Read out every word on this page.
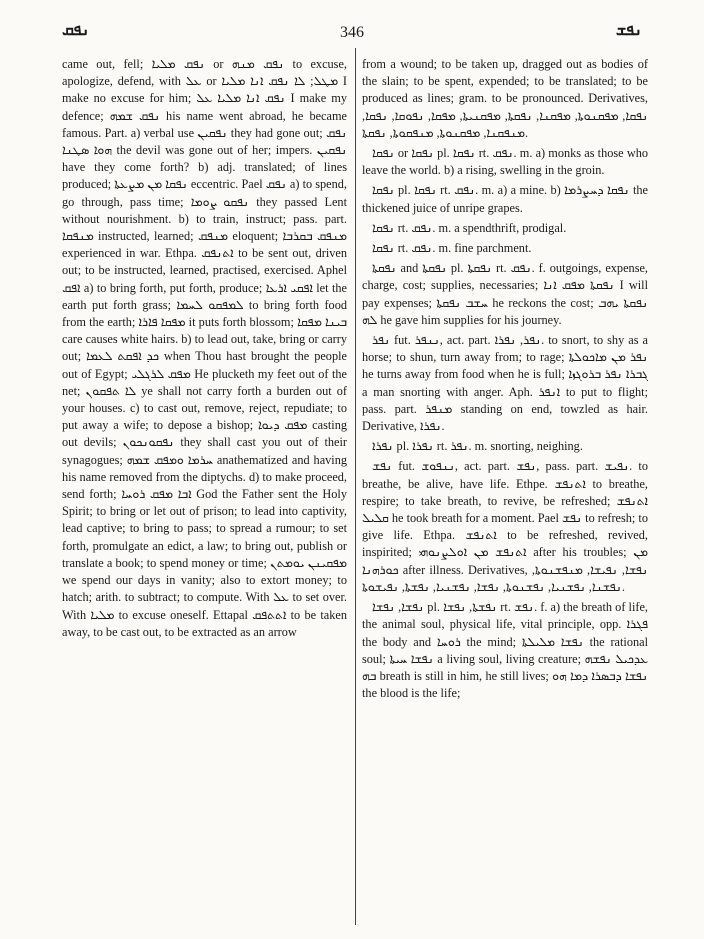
ܢܦܩ	346	ܢܦܫ

came out, fell; ܢܦܩ ܡܠܝܐ or ܢܦܩ ܡܢܗ to excuse, apologize, defend, with ܥܠ or ܡܛܠ; ܠܐ ܢܦܩ ܐܢܐ ܡܠܝܐ I make no excuse for him; ܢܦܩ ܐܢܐ ܡܠܝܐ ܥܠ I make my defence; ܢܦܩ ܫܡܗ his name went abroad, he became famous. Part. a) verbal use ܢܦܩܝܢ they had gone out; ܢܦܩ ܗܘܐ ܣܛܢܐ the devil was gone out of her; impers. ܢܦܩܝܢ have they come forth? b) adj. translated; of lines produced; ܢܦܩܐ ܡܢ ܡܨܥܬܐ eccentric. Pael ܢܦܩ a) to spend, go through, pass time; ܢܦܩܘ ܨܘܡܐ they passed Lent without nourishment. b) to train, instruct; pass. part. ܡܢܦܩܐ instructed, learned; ܡܢܦܩ eloquent; ܡܢܦܩ ܒܩܪܒܐ experienced in war. Ethpa. ܐܬܢܦܩ to be sent out, driven out; to be instructed, learned, practised, exercised. Aphel ܐܦܩ a) to bring forth, put forth, produce; ܐܦܩܝ ܐܪܥܐ let the earth put forth grass; ܠܡܦܩܘ ܠܚܡܐ to bring forth food from the earth; ܡܦܩܐ ܦܐܪܐ it puts forth blossom; ܒܝܢܐ ܡܦܩܐ care causes white hairs. b) to lead out, take, bring or carry out; ܟܕ ܐܦܩܬ ܠܥܡܐ when Thou hast brought the people out of Egypt; ܡܦܩ ܠܪܓܠܝ He plucketh my feet out of the net; ܠܐ ܬܦܩܘܢ ye shall not carry forth a burden out of your houses. c) to cast out, remove, reject, repudiate; to put away a wife; to depose a bishop; ܡܦܩ ܕܝܘܐ casting out devils; ܢܦܩܘܢܟܘܢ they shall cast you out of their synagogues; ܚܪܡܐ ܘܡܦܩ ܫܡܗ anathematized and having his name removed from the diptychs. d) to make proceed, send forth; ܐܒܐ ܡܦܩ ܪܘܚܐ God the Father sent the Holy Spirit; to bring or let out of prison; to lead into captivity, lead captive; to bring to pass; to spread a rumour; to set forth, promulgate an edict, a law; to bring out, publish or translate a book; to spend money or time; ܡܦܩܝܢܢ ܝܘܡܬܢ we spend our days in vanity; also to extort money; to hatch; arith. to subtract; to compute. With ܥܠ to set over. With ܡܠܝܐ to excuse oneself. Ettapal ܐܬܬܦܩ to be taken away, to be cast out, to be extracted as an arrow

from a wound; to be taken up, dragged out as bodies of the slain; to be spent, expended; to be translated; to be produced as lines; gram. to be pronounced. Derivatives, ܢܦܩܐ, ܡܦܩܢܘܬܐ, ܡܦܩܢܐ, ܢܦܩܬܐ, ܡܦܩܢܝܬܐ, ܡܦܩܐ, ܢܦܘܩܐ, ܢܦܩܐ, ܡܢܦܩܢܐ, ܡܦܩܢܘܬܐ, ܡܢܦܩܘܬܐ, ܢܦܩܬܐ.

ܢܦܩܐ or ܢܦܩܐ pl. ܢܦܩܐ rt. ܢܦܩ. m. a) monks as those who leave the world. b) a rising, swelling in the groin.

ܢܦܩܐ pl. ܢܦܩܐ rt. ܢܦܩ. m. a) a mine. b) ܢܦܩܐ ܕܚܨܪܡܐ the thickened juice of unripe grapes.

ܢܦܩܐ rt. ܢܦܩ. m. a spendthrift, prodigal.

ܢܦܩܐ rt. ܢܦܩ. m. fine parchment.

ܢܦܩܬܐ and ܢܦܩܬܐ pl. ܢܦܩܬܐ rt. ܢܦܩ. f. outgoings, expense, charge, cost; supplies, necessaries; ܢܦܩܬܐ ܡܦܩ ܐܢܐ I will pay expenses; ܚܫܒ ܢܦܩܬܐ he reckons the cost; ܢܦܩܬܐ ܝܗܒ ܠܗ he gave him supplies for his journey.

ܢܦܪ fut. ܢܢܦܪ, act. part. ܢܦܪ, ܢܦܪܐ. to snort, to shy as a horse; to shun, turn away from; to rage; ܢܦܪ ܡܢ ܡܐܟܘܠܬܐ he turns away from food when he is full; ܓܒܪܐ ܢܦܪ ܒܪܘܓܙܐ a man snorting with anger. Aph. ܐܢܦܪ to put to flight; pass. part. ܡܢܦܪ standing on end, towzled as hair. Derivative, ܢܦܪܐ.

ܢܦܪܐ pl. ܢܦܪܐ rt. ܢܦܪ. m. snorting, neighing.

ܢܦܫ fut. ܢܢܦܘܫ, act. part. ܢܦܫ, pass. part. ܢܦܝܫ. to breathe, be alive, have life. Ethpe. ܐܬܢܦܫ to breathe, respire; to take breath, to revive, be refreshed; ܐܬܢܦܫ ܩܠܝܠ he took breath for a moment. Pael ܢܦܫ to refresh; to give life. Ethpa. ܐܬܢܦܫ to be refreshed, revived, inspirited; ܐܬܢܦܫ ܡܢ ܐܘܠܨܢܘܗܝ after his troubles; ܡܢ ܟܘܪܗܢܐ after illness. Derivatives, ܢܦܫܐ, ܢܦܝܫܐ, ܡܢܦܫܢܘܬܐ, ܢܦܫܢܐ, ܢܦܫܢܝܐ, ܢܦܫܢܘܬܐ, ܢܦܫܐ, ܢܦܫܢܝܐ, ܢܦܫܬܐ, ܢܦܝܫܘܬܐ.

ܢܦܫܐ, ܢܦܫܐ pl. ܢܦܫܬܐ, ܢܦܫܐ rt. ܢܦܫ. f. a) the breath of life, the animal soul, physical life, vital principle, opp. ܦܓܪܐ the body and ܪܘܚܐ the mind; ܢܦܫܐ ܡܠܝܠܬܐ the rational soul; ܢܦܫܐ ܚܝܬܐ a living soul, living creature; ܥܕܟܝܠ ܢܦܫܗ ܒܗ breath is still in him, he still lives; ܢܦܫܐ ܕܒܣܪܐ ܕܡܐ ܗܘ the blood is the life;
